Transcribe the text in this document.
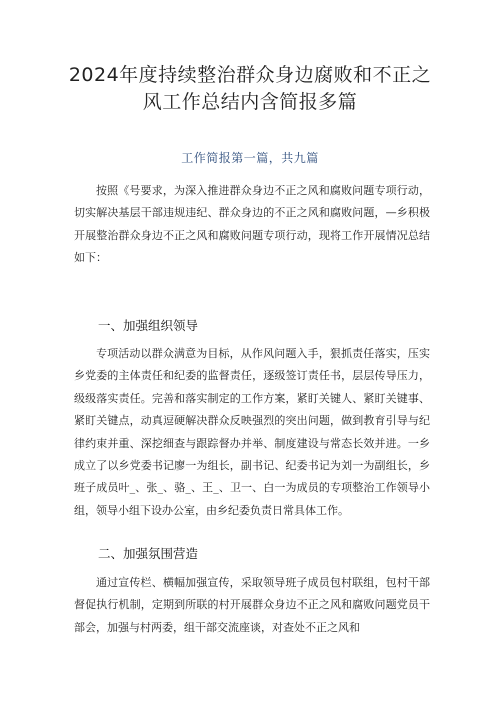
2024年度持续整治群众身边腐败和不正之
风工作总结内含简报多篇
工作简报第一篇，共九篇
按照《号要求，为深入推进群众身边不正之风和腐败问题专项行动，切实解决基层干部违规违纪、群众身边的不正之风和腐败问题，—乡积极开展整治群众身边不正之风和腐败问题专项行动，现将工作开展情况总结如下：
一、加强组织领导
专项活动以群众满意为目标，从作风问题入手，狠抓责任落实，压实乡党委的主体责任和纪委的监督责任，逐级签订责任书，层层传导压力，级级落实责任。完善和落实制定的工作方案，紧盯关键人、紧盯关键事、紧盯关键点，动真逗硬解决群众反映强烈的突出问题，做到教育引导与纪律约束并重、深挖细查与跟踪督办并举、制度建设与常态长效并进。一乡成立了以乡党委书记廖一为组长，副书记、纪委书记为刘一为副组长，乡班子成员叶_、张_、骆_、王_、卫一、白一为成员的专项整治工作领导小组，领导小组下设办公室，由乡纪委负责日常具体工作。
二、加强氛围营造
通过宣传栏、横幅加强宣传，采取领导班子成员包村联组，包村干部督促执行机制，定期到所联的村开展群众身边不正之风和腐败问题党员干部会，加强与村两委，组干部交流座谈，对查处不正之风和
